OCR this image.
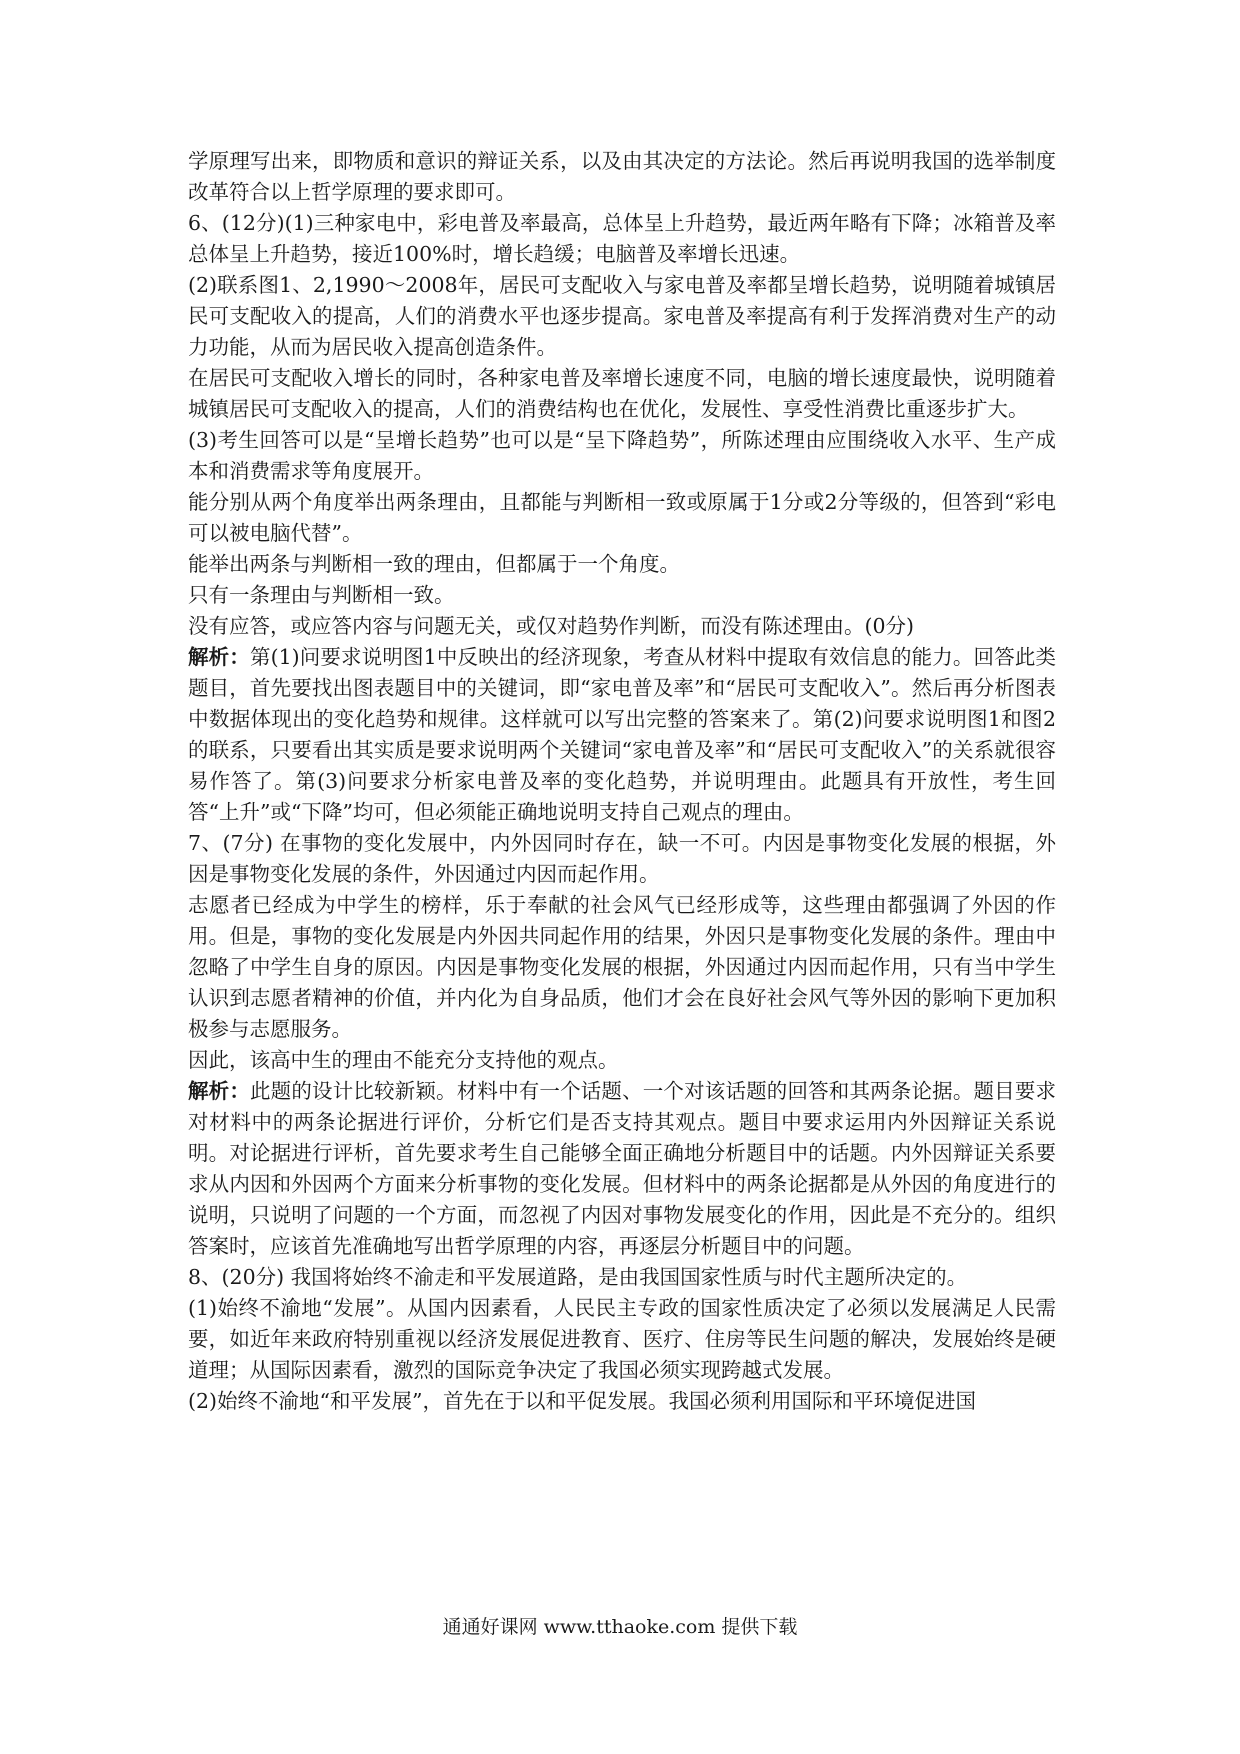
学原理写出来，即物质和意识的辩证关系，以及由其决定的方法论。然后再说明我国的选举制度改革符合以上哲学原理的要求即可。

6、(12分)(1)三种家电中，彩电普及率最高，总体呈上升趋势，最近两年略有下降；冰箱普及率总体呈上升趋势，接近100%时，增长趋缓；电脑普及率增长迅速。

(2)联系图1、2,1990～2008年，居民可支配收入与家电普及率都呈增长趋势，说明随着城镇居民可支配收入的提高，人们的消费水平也逐步提高。家电普及率提高有利于发挥消费对生产的动力功能，从而为居民收入提高创造条件。

在居民可支配收入增长的同时，各种家电普及率增长速度不同，电脑的增长速度最快，说明随着城镇居民可支配收入的提高，人们的消费结构也在优化，发展性、享受性消费比重逐步扩大。

(3)考生回答可以是“呈增长趋势”也可以是“呈下降趋势”，所陈述理由应围绕收入水平、生产成本和消费需求等角度展开。

能分别从两个角度举出两条理由，且都能与判断相一致或原属于1分或2分等级的，但答到“彩电可以被电脑代替”。

能举出两条与判断相一致的理由，但都属于一个角度。

只有一条理由与判断相一致。

没有应答，或应答内容与问题无关，或仅对趋势作判断，而没有陈述理由。(0分)

解析：第(1)问要求说明图1中反映出的经济现象，考查从材料中提取有效信息的能力。回答此类题目，首先要找出图表题目中的关键词，即“家电普及率”和“居民可支配收入”。然后再分析图表中数据体现出的变化趋势和规律。这样就可以写出完整的答案来了。第(2)问要求说明图1和图2的联系，只要看出其实质是要求说明两个关键词“家电普及率”和“居民可支配收入”的关系就很容易作答了。第(3)问要求分析家电普及率的变化趋势，并说明理由。此题具有开放性，考生回答“上升”或“下降”均可，但必须能正确地说明支持自己观点的理由。

7、(7分) 在事物的变化发展中，内外因同时存在，缺一不可。内因是事物变化发展的根据，外因是事物变化发展的条件，外因通过内因而起作用。

志愿者已经成为中学生的榜样，乐于奉献的社会风气已经形成等，这些理由都强调了外因的作用。但是，事物的变化发展是内外因共同起作用的结果，外因只是事物变化发展的条件。理由中忽略了中学生自身的原因。内因是事物变化发展的根据，外因通过内因而起作用，只有当中学生认识到志愿者精神的价值，并内化为自身品质，他们才会在良好社会风气等外因的影响下更加积极参与志愿服务。

因此，该高中生的理由不能充分支持他的观点。

解析：此题的设计比较新颖。材料中有一个话题、一个对该话题的回答和其两条论据。题目要求对材料中的两条论据进行评价，分析它们是否支持其观点。题目中要求运用内外因辩证关系说明。对论据进行评析，首先要求考生自己能够全面正确地分析题目中的话题。内外因辩证关系要求从内因和外因两个方面来分析事物的变化发展。但材料中的两条论据都是从外因的角度进行的说明，只说明了问题的一个方面，而忽视了内因对事物发展变化的作用，因此是不充分的。组织答案时，应该首先准确地写出哲学原理的内容，再逐层分析题目中的问题。

8、(20分) 我国将始终不渝走和平发展道路，是由我国国家性质与时代主题所决定的。

(1)始终不渝地“发展”。从国内因素看，人民民主专政的国家性质决定了必须以发展满足人民需要，如近年来政府特别重视以经济发展促进教育、医疗、住房等民生问题的解决，发展始终是硬道理；从国际因素看，激烈的国际竞争决定了我国必须实现跨越式发展。

(2)始终不渝地“和平发展”，首先在于以和平促发展。我国必须利用国际和平环境促进国

通通好课网 www.tthaoke.com 提供下载
